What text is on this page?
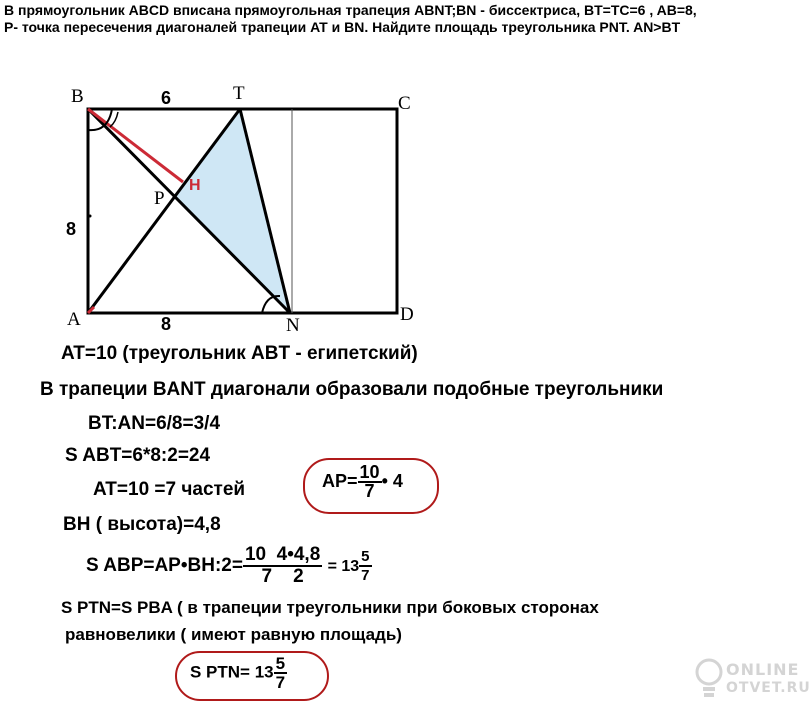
В прямоугольник ABCD вписана прямоугольная трапеция ABNT;BN - биссектриса, BT=TC=6 , AB=8,
P- точка пересечения диагоналей трапеции AT и BN. Найдите площадь треугольника PNT. AN>BT
B	T	C
A	N
D
P
H
6
8
8
AT=10 (треугольник ABT - египетский)
В трапеции BANT диагонали образовали подобные треугольники
BT:AN=6/8=3/4
S ABT=6*8:2=24
AT=10 =7 частей	$AP= \frac{10}{7}$ • 4
BH ( высота)=4,8
S ABP=AP•BH:2= $\frac{10 4•4,8}{7 2} = 13 \frac{5}{7}$
S PTN=S PBA ( в трапеции треугольники при боковых сторонах
равновелики ( имеют равную площадь)
S $PTN= 13 \frac{5}{7}$	ONLINE
OTVET.RU
